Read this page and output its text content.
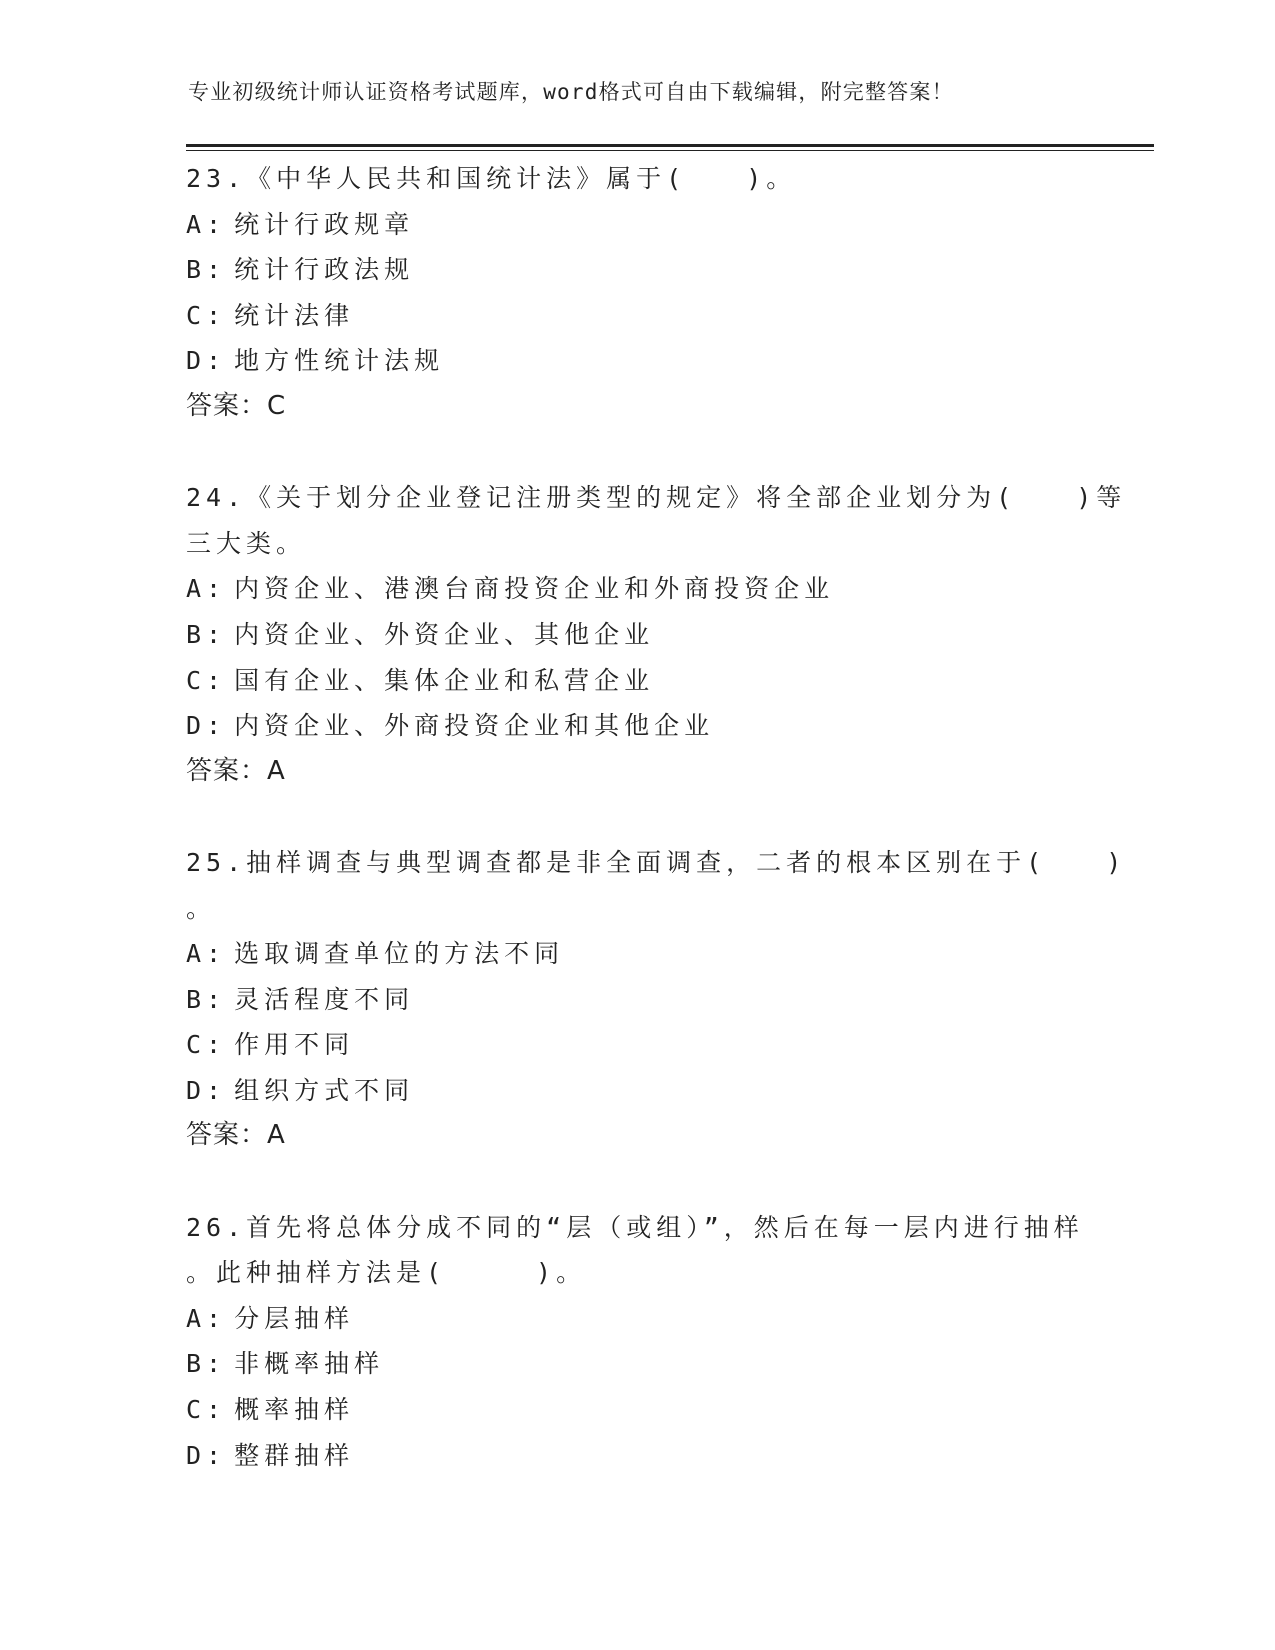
专业初级统计师认证资格考试题库，word格式可自由下载编辑，附完整答案！
23.《中华人民共和国统计法》属于(　　)。
A: 统计行政规章
B: 统计行政法规
C: 统计法律
D: 地方性统计法规
答案：C
24.《关于划分企业登记注册类型的规定》将全部企业划分为(　　)等
三大类。
A: 内资企业、港澳台商投资企业和外商投资企业
B: 内资企业、外资企业、其他企业
C: 国有企业、集体企业和私营企业
D: 内资企业、外商投资企业和其他企业
答案：A
25.抽样调查与典型调查都是非全面调查，二者的根本区别在于(　　)
。
A: 选取调查单位的方法不同
B: 灵活程度不同
C: 作用不同
D: 组织方式不同
答案：A
26.首先将总体分成不同的“层（或组）”，然后在每一层内进行抽样
。此种抽样方法是(　　　)。
A: 分层抽样
B: 非概率抽样
C: 概率抽样
D: 整群抽样
